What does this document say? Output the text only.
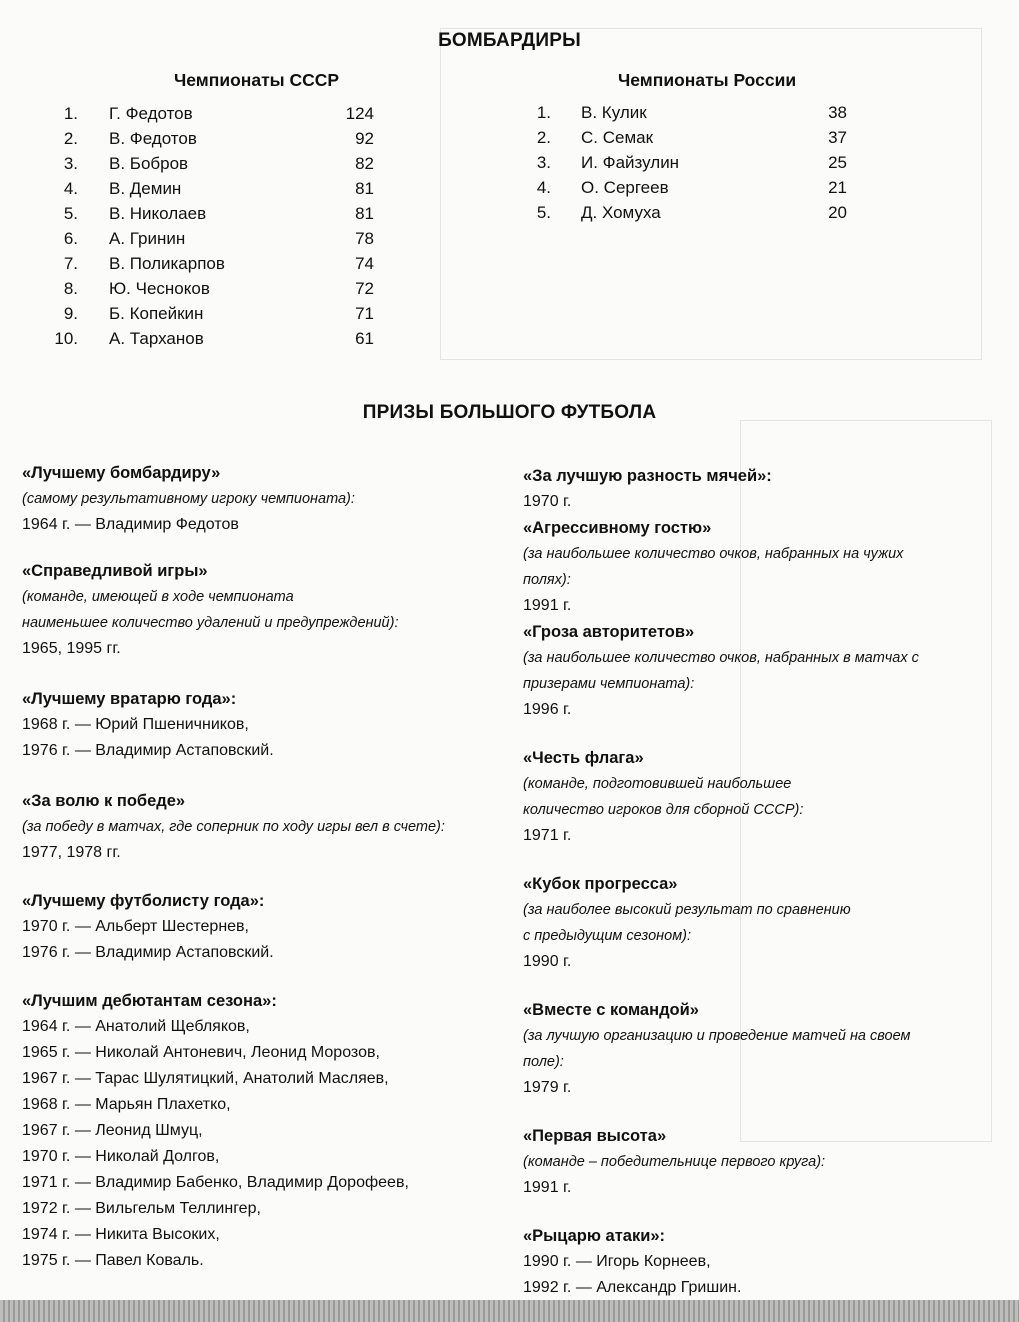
БОМБАРДИРЫ
Чемпионаты СССР	Чемпионаты России
1. Г. Федотов	124
2. В. Федотов	92
3. В. Бобров	82
4. В. Демин	81
5. В. Николаев	81
6. А. Гринин	78
7. В. Поликарпов	74
8. Ю. Чесноков	72
9. Б. Копейкин	71
10. А. Тарханов	61
1. В. Кулик	38
2. С. Семак	37
3. И. Файзулин	25
4. О. Сергеев	21
5. Д. Хомуха	20
ПРИЗЫ БОЛЬШОГО ФУТБОЛА
«Лучшему бомбардиру»
(самому результативному игроку чемпионата):
1964 г. — Владимир Федотов
«Справедливой игры»
(команде, имеющей в ходе чемпионата
наименьшее количество удалений и предупреждений):
1965, 1995 гг.
«Лучшему вратарю года»:
1968 г. — Юрий Пшеничников,
1976 г. — Владимир Астаповский.
«За волю к победе»
(за победу в матчах, где соперник по ходу игры вел в счете):
1977, 1978 гг.
«Лучшему футболисту года»:
1970 г. — Альберт Шестернев,
1976 г. — Владимир Астаповский.
«Лучшим дебютантам сезона»:
1964 г. — Анатолий Щебляков,
1965 г. — Николай Антоневич, Леонид Морозов,
1967 г. — Тарас Шулятицкий, Анатолий Масляев,
1968 г. — Марьян Плахетко,
1967 г. — Леонид Шмуц,
1970 г. — Николай Долгов,
1971 г. — Владимир Бабенко, Владимир Дорофеев,
1972 г. — Вильгельм Теллингер,
1974 г. — Никита Высоких,
1975 г. — Павел Коваль.
«За лучшую разность мячей»:
1970 г.
«Агрессивному гостю»
(за наибольшее количество очков, набранных на чужих
полях):
1991 г.
«Гроза авторитетов»
(за наибольшее количество очков, набранных в матчах с
призерами чемпионата):
1996 г.
«Честь флага»
(команде, подготовившей наибольшее
количество игроков для сборной СССР):
1971 г.
«Кубок прогресса»
(за наиболее высокий результат по сравнению
с предыдущим сезоном):
1990 г.
«Вместе с командой»
(за лучшую организацию и проведение матчей на своем
поле):
1979 г.
«Первая высота»
(команде – победительнице первого круга):
1991 г.
«Рыцарю атаки»:
1990 г. — Игорь Корнеев,
1992 г. — Александр Гришин.
